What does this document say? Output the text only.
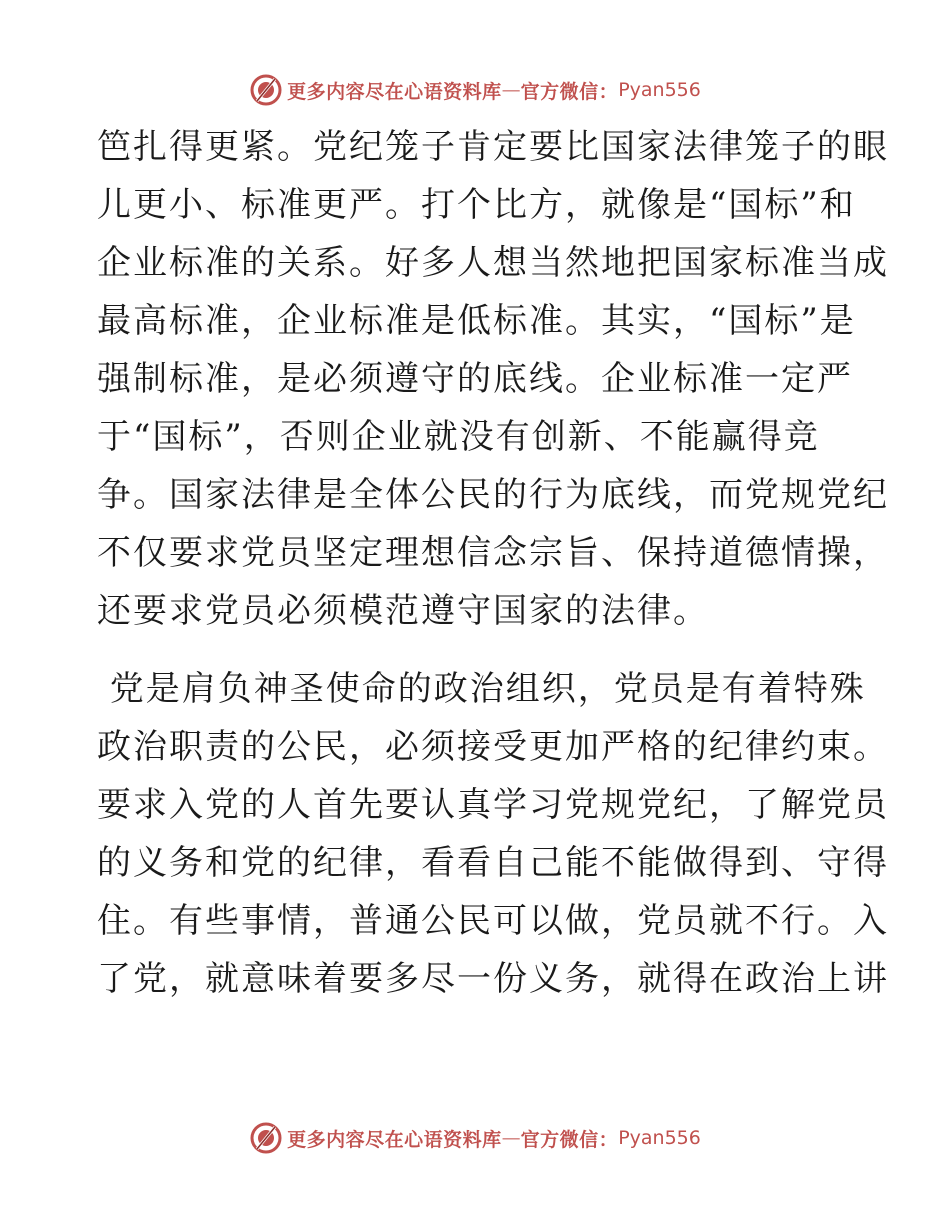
更多内容尽在心语资料库 — 官方微信： Pyan556
笆扎得更紧。党纪笼子肯定要比国家法律笼子的眼
儿更小、标准更严。打个比方，就像是“国标”和
企业标准的关系。好多人想当然地把国家标准当成
最高标准，企业标准是低标准。其实，“国标”是
强制标准，是必须遵守的底线。企业标准一定严
于“国标”，否则企业就没有创新、不能赢得竞
争。国家法律是全体公民的行为底线，而党规党纪
不仅要求党员坚定理想信念宗旨、保持道德情操，
还要求党员必须模范遵守国家的法律。
党是肩负神圣使命的政治组织，党员是有着特殊
政治职责的公民，必须接受更加严格的纪律约束。
要求入党的人首先要认真学习党规党纪，了解党员
的义务和党的纪律，看看自己能不能做得到、守得
住。有些事情，普通公民可以做，党员就不行。入
了党，就意味着要多尽一份义务，就得在政治上讲
更多内容尽在心语资料库 — 官方微信： Pyan556
